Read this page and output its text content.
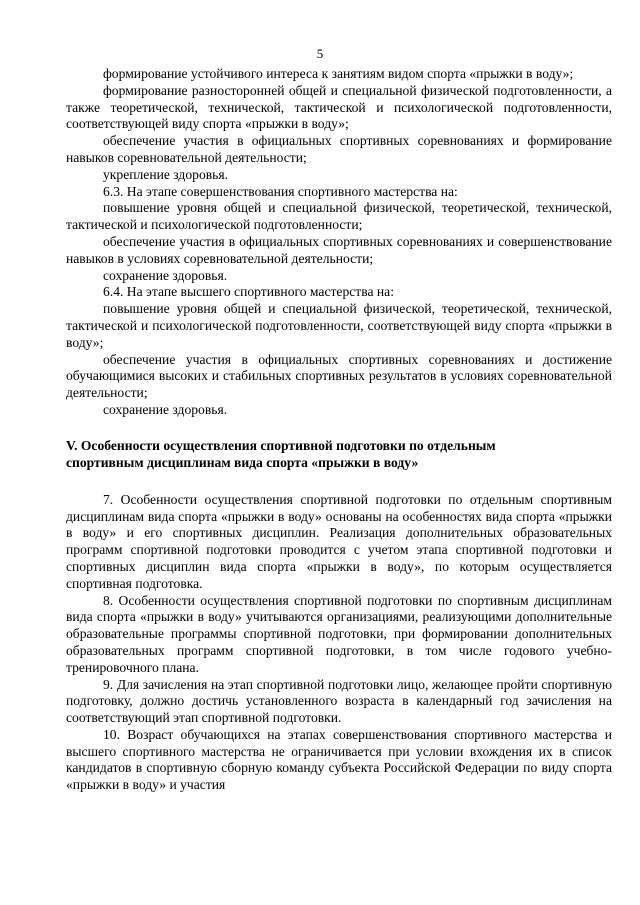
5

формирование устойчивого интереса к занятиям видом спорта «прыжки в воду»;

формирование разносторонней общей и специальной физической подготовленности, а также теоретической, технической, тактической и психологической подготовленности, соответствующей виду спорта «прыжки в воду»;

обеспечение участия в официальных спортивных соревнованиях и формирование навыков соревновательной деятельности;

укрепление здоровья.

6.3. На этапе совершенствования спортивного мастерства на:

повышение уровня общей и специальной физической, теоретической, технической, тактической и психологической подготовленности;

обеспечение участия в официальных спортивных соревнованиях и совершенствование навыков в условиях соревновательной деятельности;

сохранение здоровья.

6.4. На этапе высшего спортивного мастерства на:

повышение уровня общей и специальной физической, теоретической, технической, тактической и психологической подготовленности, соответствующей виду спорта «прыжки в воду»;

обеспечение участия в официальных спортивных соревнованиях и достижение обучающимися высоких и стабильных спортивных результатов в условиях соревновательной деятельности;

сохранение здоровья.

V. Особенности осуществления спортивной подготовки по отдельным
спортивным дисциплинам вида спорта «прыжки в воду»

7. Особенности осуществления спортивной подготовки по отдельным спортивным дисциплинам вида спорта «прыжки в воду» основаны на особенностях вида спорта «прыжки в воду» и его спортивных дисциплин. Реализация дополнительных образовательных программ спортивной подготовки проводится с учетом этапа спортивной подготовки и спортивных дисциплин вида спорта «прыжки в воду», по которым осуществляется спортивная подготовка.

8. Особенности осуществления спортивной подготовки по спортивным дисциплинам вида спорта «прыжки в воду» учитываются организациями, реализующими дополнительные образовательные программы спортивной подготовки, при формировании дополнительных образовательных программ спортивной подготовки, в том числе годового учебно-тренировочного плана.

9. Для зачисления на этап спортивной подготовки лицо, желающее пройти спортивную подготовку, должно достичь установленного возраста в календарный год зачисления на соответствующий этап спортивной подготовки.

10. Возраст обучающихся на этапах совершенствования спортивного мастерства и высшего спортивного мастерства не ограничивается при условии вхождения их в список кандидатов в спортивную сборную команду субъекта Российской Федерации по виду спорта «прыжки в воду» и участия
